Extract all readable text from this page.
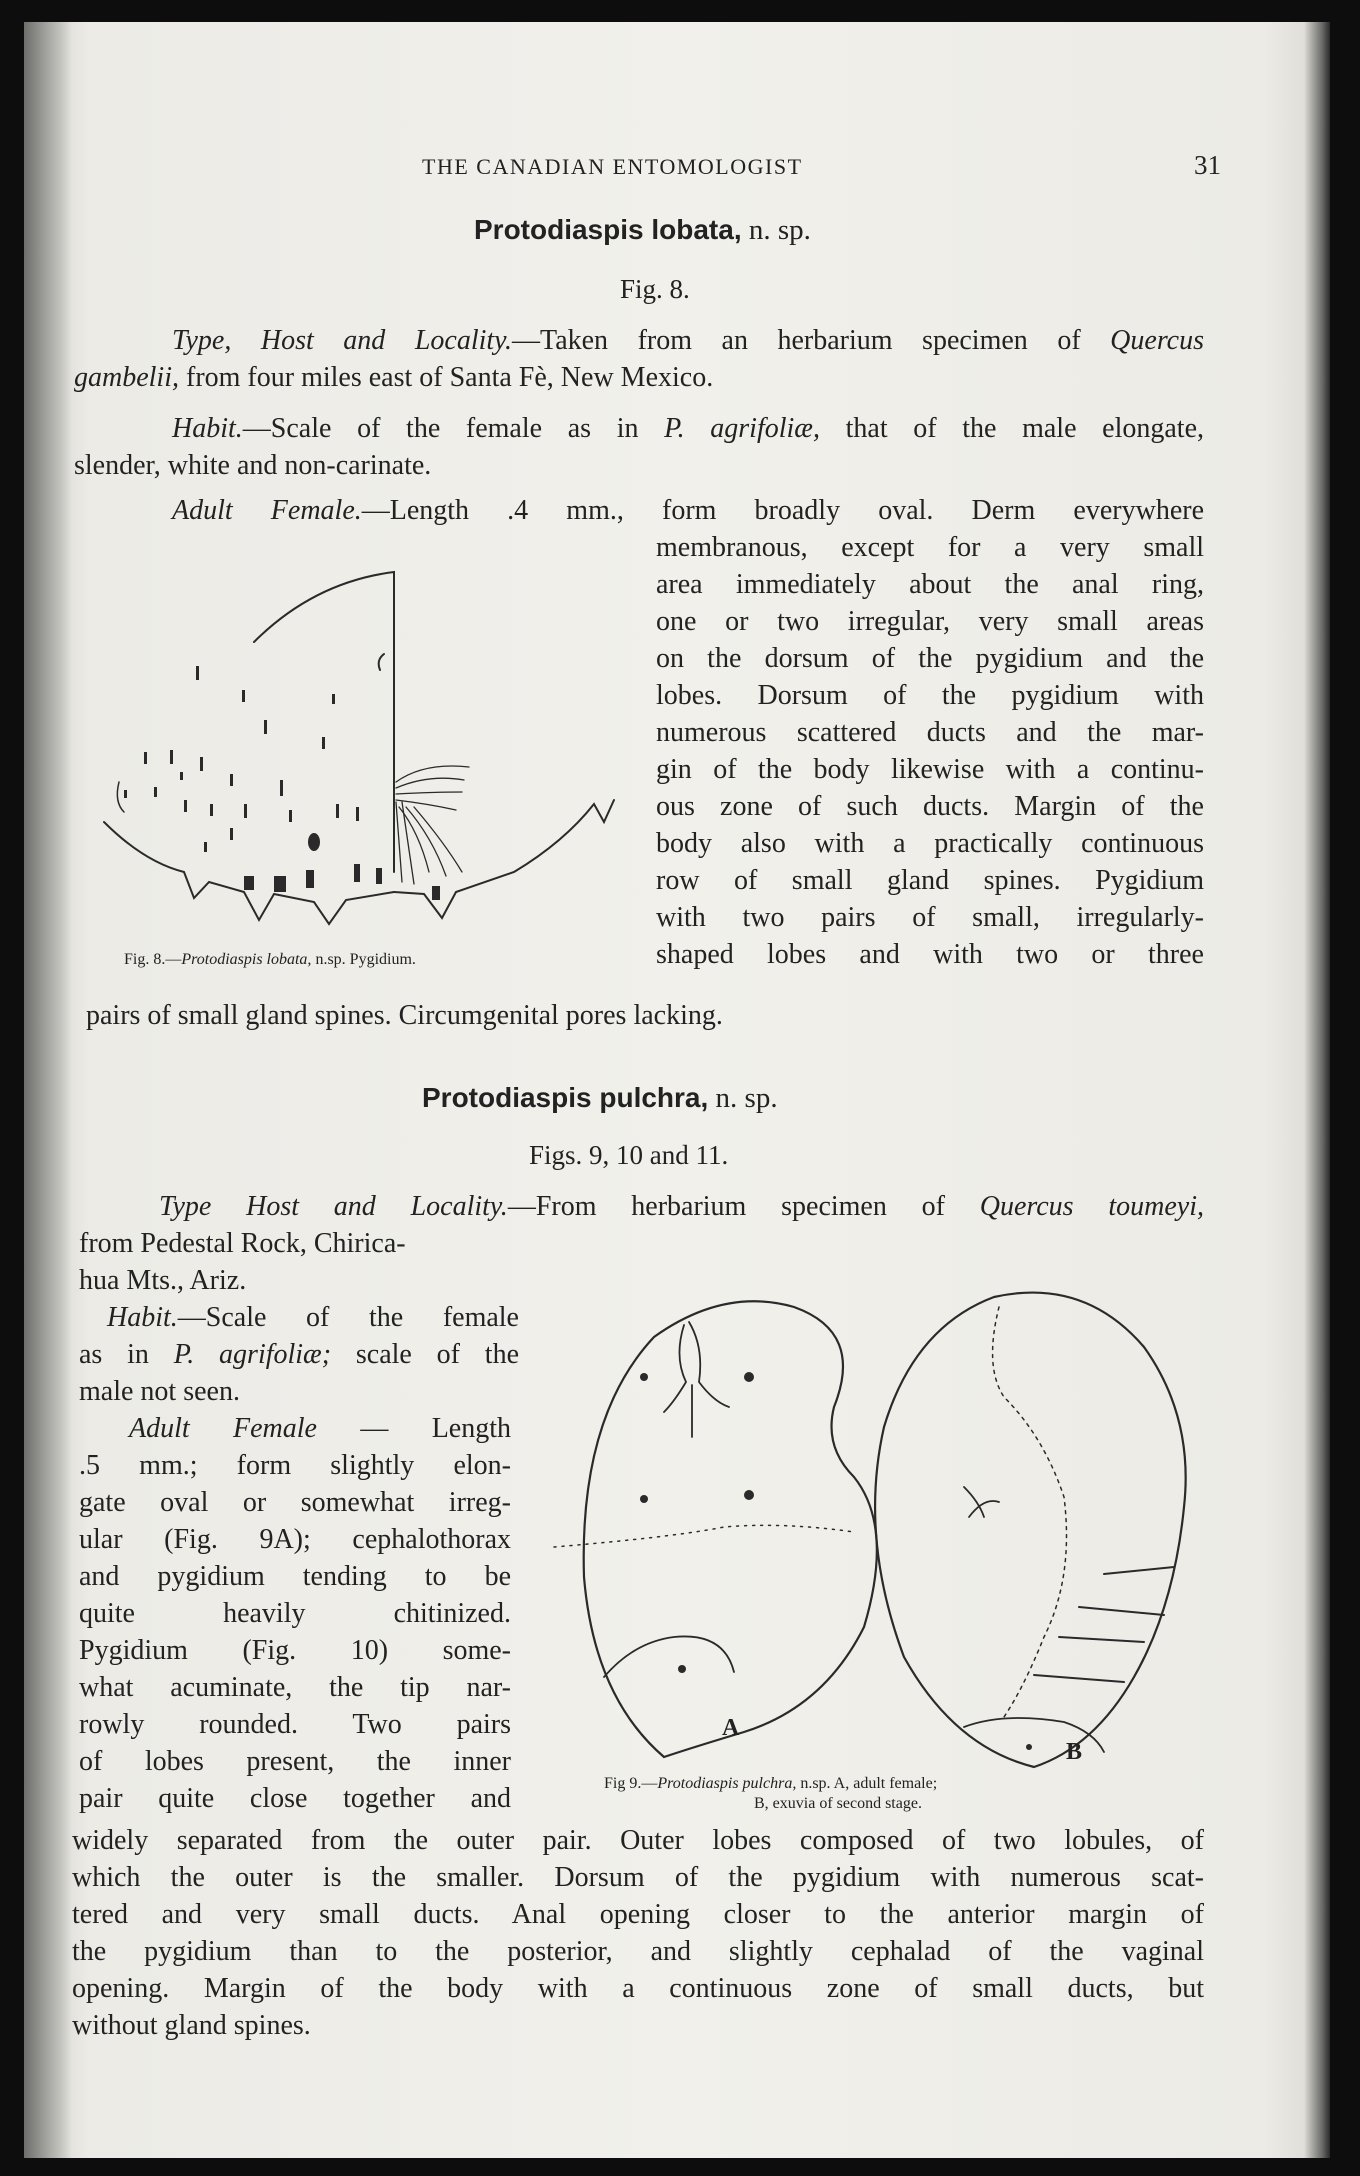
THE CANADIAN ENTOMOLOGIST	31
Protodiaspis lobata, n. sp.
Fig. 8.
Type, Host and Locality.—Taken from an herbarium specimen of Quercus
gambelii, from four miles east of Santa Fè, New Mexico.
Habit.—Scale of the female as in P. agrifoliæ, that of the male elongate,
slender, white and non-carinate.
Adult Female.—Length .4 mm., form broadly oval. Derm everywhere
membranous, except for a very small
area immediately about the anal ring,
one or two irregular, very small areas
on the dorsum of the pygidium and the
lobes. Dorsum of the pygidium with
numerous scattered ducts and the mar-
gin of the body likewise with a continu-
ous zone of such ducts. Margin of the
body also with a practically continuous
row of small gland spines. Pygidium
with two pairs of small, irregularly-
shaped lobes and with two or three
pairs of small gland spines. Circumgenital pores lacking.
Fig. 8.—Protodiaspis lobata, n.sp. Pygidium.
Protodiaspis pulchra, n. sp.
Figs. 9, 10 and 11.
Type Host and Locality.—From herbarium specimen of Quercus toumeyi,
from Pedestal Rock, Chirica-
hua Mts., Ariz.
Habit.—Scale of the female
as in P. agrifoliæ; scale of the
male not seen.
Adult Female — Length
.5 mm.; form slightly elon-
gate oval or somewhat irreg-
ular (Fig. 9A); cephalothorax
and pygidium tending to be
quite heavily chitinized.
Pygidium (Fig. 10) some-
what acuminate, the tip nar-
rowly rounded. Two pairs
of lobes present, the inner
pair quite close together and
widely separated from the outer pair. Outer lobes composed of two lobules, of
which the outer is the smaller. Dorsum of the pygidium with numerous scat-
tered and very small ducts. Anal opening closer to the anterior margin of
the pygidium than to the posterior, and slightly cephalad of the vaginal
opening. Margin of the body with a continuous zone of small ducts, but
without gland spines.
A
B
Fig 9.—Protodiaspis pulchra, n.sp. A, adult female;
B, exuvia of second stage.
